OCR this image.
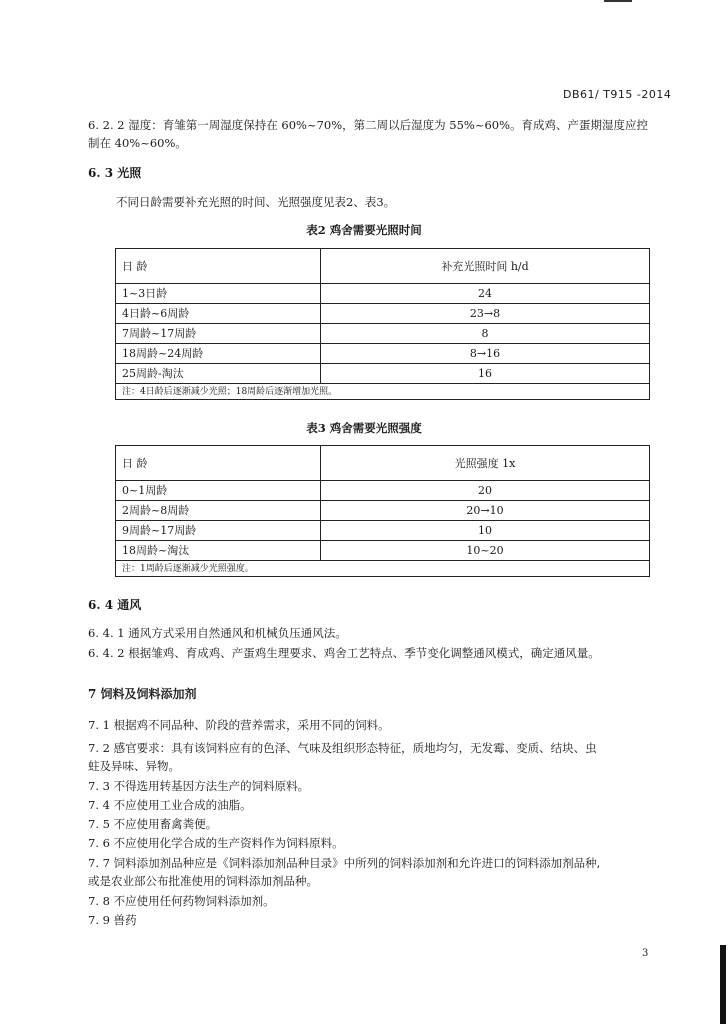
DB61/ T915 -2014
6. 2. 2 湿度：育雏第一周湿度保持在 60%~70%，第二周以后湿度为 55%~60%。育成鸡、产蛋期湿度应控
制在 40%~60%。
6. 3 光照
不同日龄需要补充光照的时间、光照强度见表2、表3。
表2 鸡舍需要光照时间
日 龄	补充光照时间 h/d
1~3日龄	24
4日龄~6周龄	23→8
7周龄~17周龄	8
18周龄~24周龄	8→16
25周龄-淘汰	16
注：4日龄后逐渐减少光照；18周龄后逐渐增加光照。	
表3 鸡舍需要光照强度
日 龄	光照强度 1x
0~1周龄	20
2周龄~8周龄	20→10
9周龄~17周龄	10
18周龄~淘汰	10~20
注：1周龄后逐渐减少光照强度。	
6. 4 通风
6. 4. 1 通风方式采用自然通风和机械负压通风法。
6. 4. 2 根据雏鸡、育成鸡、产蛋鸡生理要求、鸡舍工艺特点、季节变化调整通风模式，确定通风量。
7 饲料及饲料添加剂
7. 1 根据鸡不同品种、阶段的营养需求，采用不同的饲料。
7. 2 感官要求：具有该饲料应有的色泽、气味及组织形态特征，质地均匀，无发霉、变质、结块、虫
蛀及异味、异物。
7. 3 不得选用转基因方法生产的饲料原料。
7. 4 不应使用工业合成的油脂。
7. 5 不应使用畜禽粪便。
7. 6 不应使用化学合成的生产资料作为饲料原料。
7. 7 饲料添加剂品种应是《饲料添加剂品种目录》中所列的饲料添加剂和允许进口的饲料添加剂品种,
或是农业部公布批准使用的饲料添加剂品种。
7. 8 不应使用任何药物饲料添加剂。
7. 9 兽药
3
